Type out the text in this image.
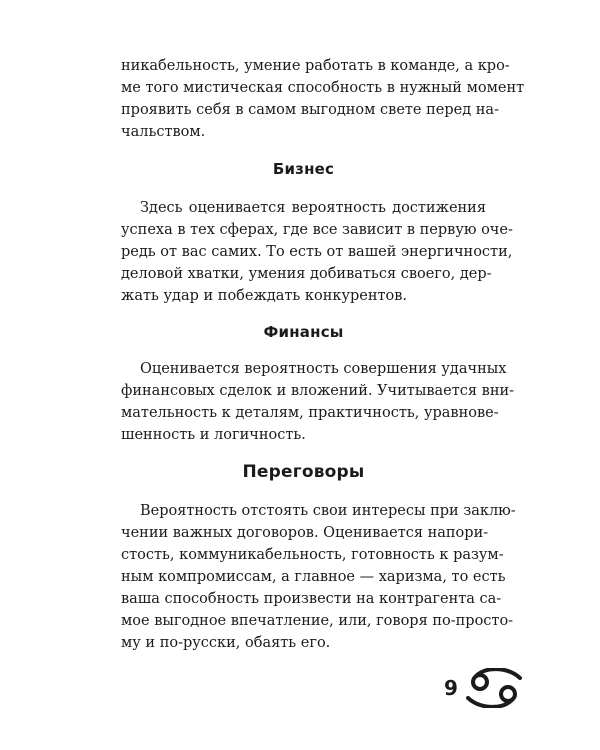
никабельность, умение работать в команде, а кро-
ме того мистическая способность в нужный момент
проявить себя в самом выгодном свете перед на-
чальством.
Бизнес
Здесь оценивается вероятность достижения
успеха в тех сферах, где все зависит в первую оче-
редь от вас самих. То есть от вашей энергичности,
деловой хватки, умения добиваться своего, дер-
жать удар и побеждать конкурентов.
Финансы
Оценивается вероятность совершения удачных
финансовых сделок и вложений. Учитывается вни-
мательность к деталям, практичность, уравнове-
шенность и логичность.
Переговоры
Вероятность отстоять свои интересы при заклю-
чении важных договоров. Оценивается напори-
стость, коммуникабельность, готовность к разум-
ным компромиссам, а главное — харизма, то есть
ваша способность произвести на контрагента са-
мое выгодное впечатление, или, говоря по-просто-
му и по-русски, обаять его.
9
